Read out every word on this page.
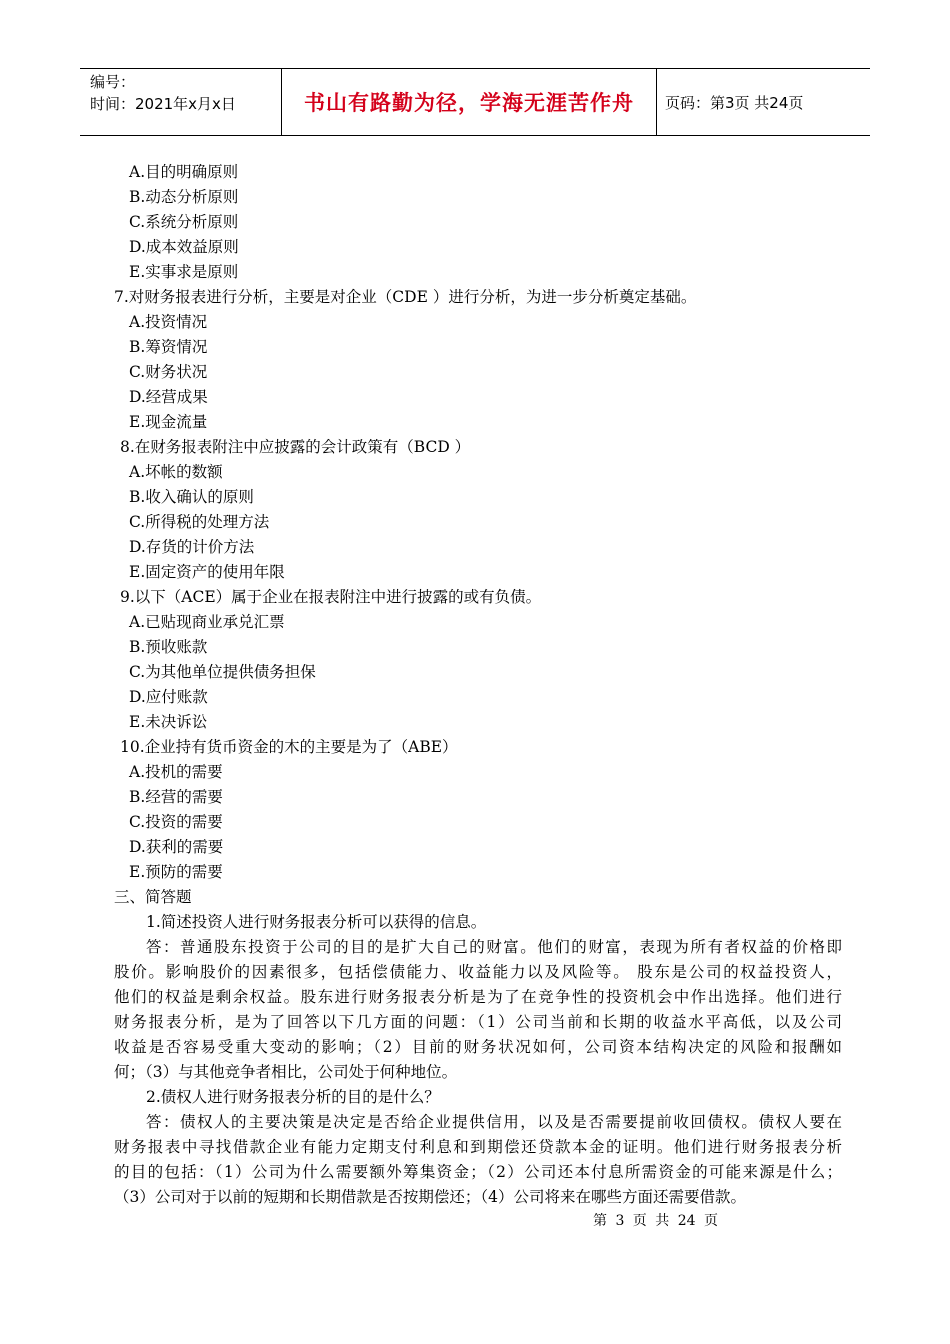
编号：
时间：2021年x月x日	书山有路勤为径，学海无涯苦作舟 页码：第3页 共24页
A.目的明确原则
B.动态分析原则
C.系统分析原则
D.成本效益原则
E.实事求是原则
7.对财务报表进行分析，主要是对企业（CDE ）进行分析，为进一步分析奠定基础。
A.投资情况
B.筹资情况
C.财务状况
D.经营成果
E.现金流量
8.在财务报表附注中应披露的会计政策有（BCD ）
A.坏帐的数额
B.收入确认的原则
C.所得税的处理方法
D.存货的计价方法
E.固定资产的使用年限
9.以下（ACE）属于企业在报表附注中进行披露的或有负债。
A.已贴现商业承兑汇票
B.预收账款
C.为其他单位提供债务担保
D.应付账款
E.未决诉讼
10.企业持有货币资金的木的主要是为了（ABE）
A.投机的需要
B.经营的需要
C.投资的需要
D.获利的需要
E.预防的需要
三、简答题
1.简述投资人进行财务报表分析可以获得的信息。
答：普通股东投资于公司的目的是扩大自己的财富。他们的财富，表现为所有者权益的价格即
股价。影响股价的因素很多，包括偿债能力、收益能力以及风险等。 股东是公司的权益投资人，
他们的权益是剩余权益。股东进行财务报表分析是为了在竞争性的投资机会中作出选择。他们进行
财务报表分析，是为了回答以下几方面的问题：（1）公司当前和长期的收益水平高低，以及公司
收益是否容易受重大变动的影响；（2）目前的财务状况如何，公司资本结构决定的风险和报酬如
何；（3）与其他竞争者相比，公司处于何种地位。
2.债权人进行财务报表分析的目的是什么？
答：债权人的主要决策是决定是否给企业提供信用，以及是否需要提前收回债权。债权人要在
财务报表中寻找借款企业有能力定期支付利息和到期偿还贷款本金的证明。他们进行财务报表分析
的目的包括：（1）公司为什么需要额外筹集资金；（2）公司还本付息所需资金的可能来源是什么；
（3）公司对于以前的短期和长期借款是否按期偿还；（4）公司将来在哪些方面还需要借款。
第 3 页 共 24 页
